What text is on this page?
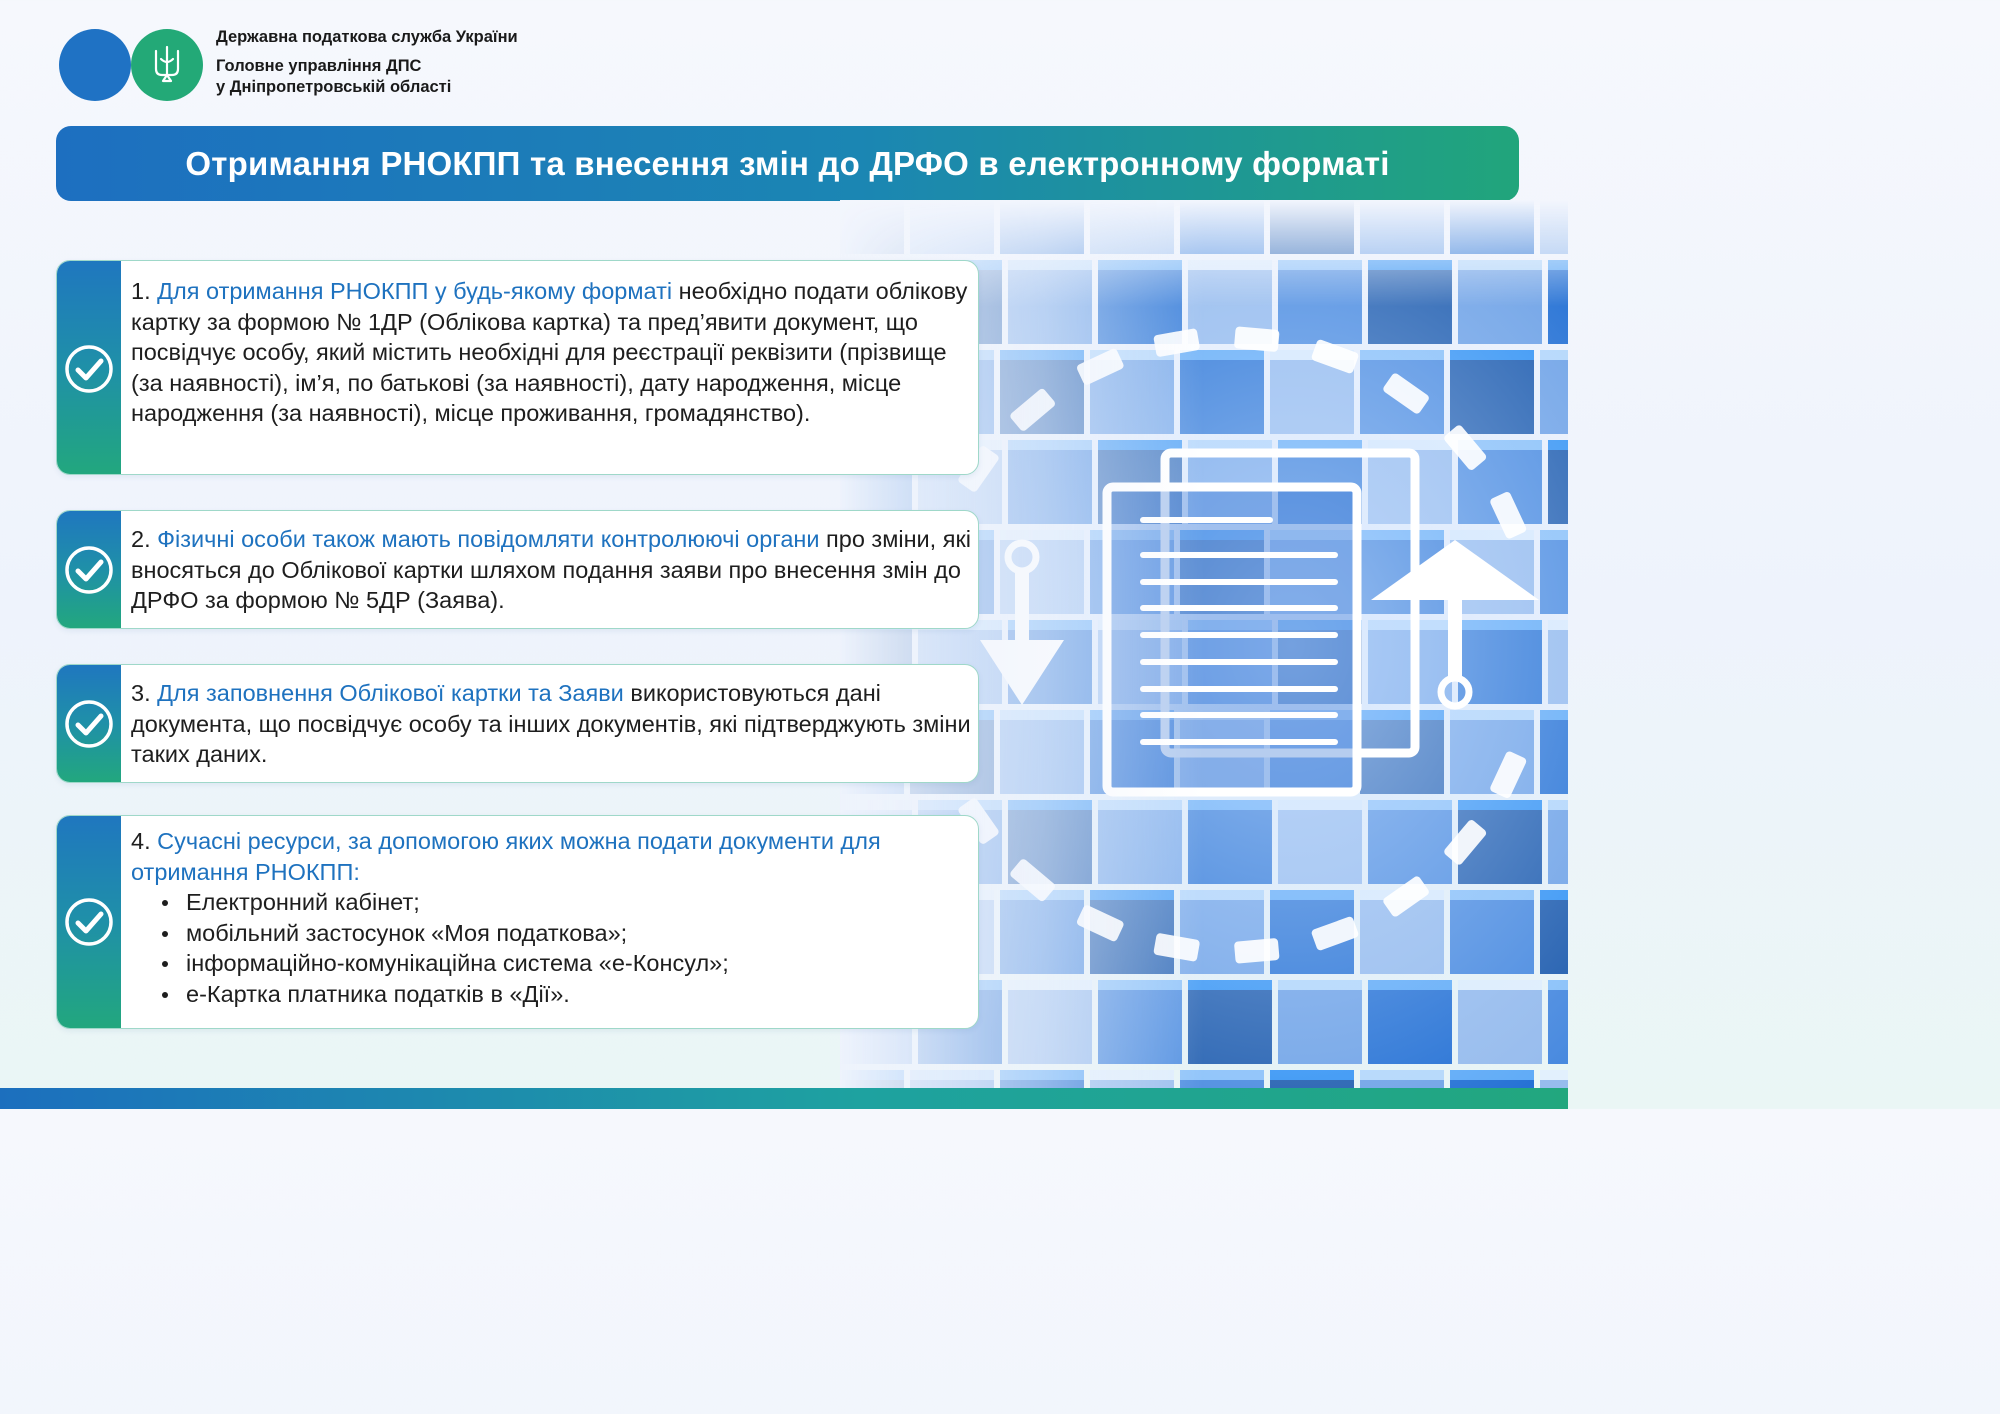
Державна податкова служба України
Головне управління ДПС
у Дніпропетровській області
Отримання РНОКПП та внесення змін до ДРФО в електронному форматі
1. Для отримання РНОКПП у будь-якому форматі необхідно подати облікову картку за формою № 1ДР (Облікова картка) та пред’явити документ, що посвідчує особу, який містить необхідні для реєстрації реквізити (прізвище (за наявності), ім’я, по батькові (за наявності), дату народження, місце народження (за наявності), місце проживання, громадянство).
2. Фізичні особи також мають повідомляти контролюючі органи про зміни, які вносяться до Облікової картки шляхом подання заяви про внесення змін до ДРФО за формою № 5ДР (Заява).
3. Для заповнення Облікової картки та Заяви використовуються дані документа, що посвідчує особу та інших документів, які підтверджують зміни таких даних.
4. Сучасні ресурси, за допомогою яких можна подати документи для отримання РНОКПП:
Електронний кабінет;
мобільний застосунок «Моя податкова»;
інформаційно-комунікаційна система «е-Консул»;
е-Картка платника податків в «Дії».
